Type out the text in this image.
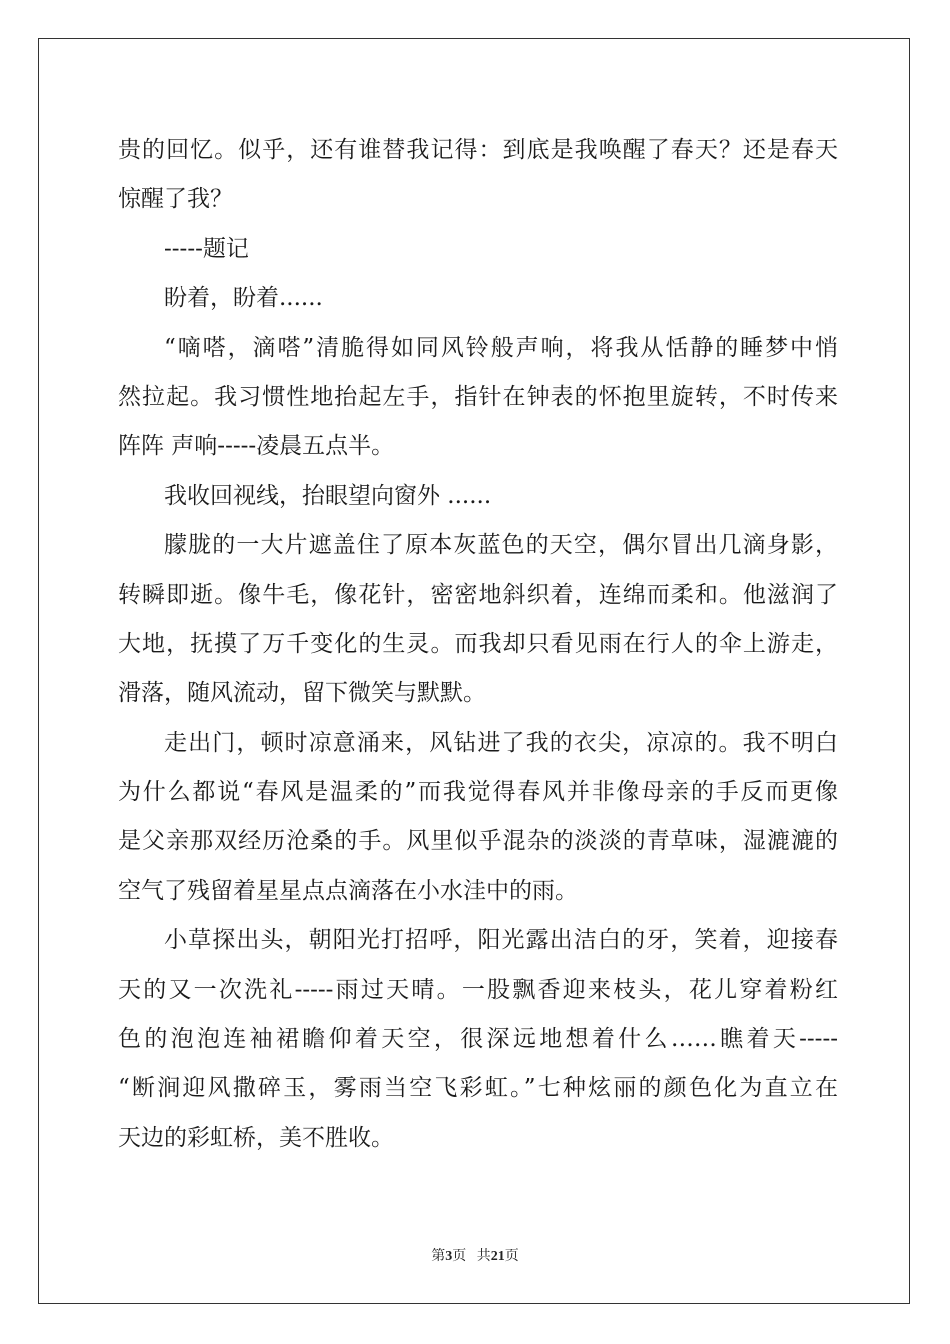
贵的回忆。似乎，还有谁替我记得：到底是我唤醒了春天？还是春天
惊醒了我？
-----题记
盼着，盼着......
“嘀嗒，滴嗒”清脆得如同风铃般声响，将我从恬静的睡梦中悄
然拉起。我习惯性地抬起左手，指针在钟表的怀抱里旋转，不时传来
阵阵 声响-----凌晨五点半。
我收回视线，抬眼望向窗外 ......
朦胧的一大片遮盖住了原本灰蓝色的天空，偶尔冒出几滴身影，
转瞬即逝。像牛毛，像花针，密密地斜织着，连绵而柔和。他滋润了
大地，抚摸了万千变化的生灵。而我却只看见雨在行人的伞上游走，
滑落，随风流动，留下微笑与默默。
走出门，顿时凉意涌来，风钻进了我的衣尖，凉凉的。我不明白
为什么都说“春风是温柔的”而我觉得春风并非像母亲的手反而更像
是父亲那双经历沧桑的手。风里似乎混杂的淡淡的青草味，湿漉漉的
空气了残留着星星点点滴落在小水洼中的雨。
小草探出头，朝阳光打招呼，阳光露出洁白的牙，笑着，迎接春
天的又一次洗礼-----雨过天晴。一股飘香迎来枝头，花儿穿着粉红
色的泡泡连袖裙瞻仰着天空，很深远地想着什么……瞧着天-----
“断涧迎风撒碎玉，雾雨当空飞彩虹。”七种炫丽的颜色化为直立在
天边的彩虹桥，美不胜收。
第3页 共21页
